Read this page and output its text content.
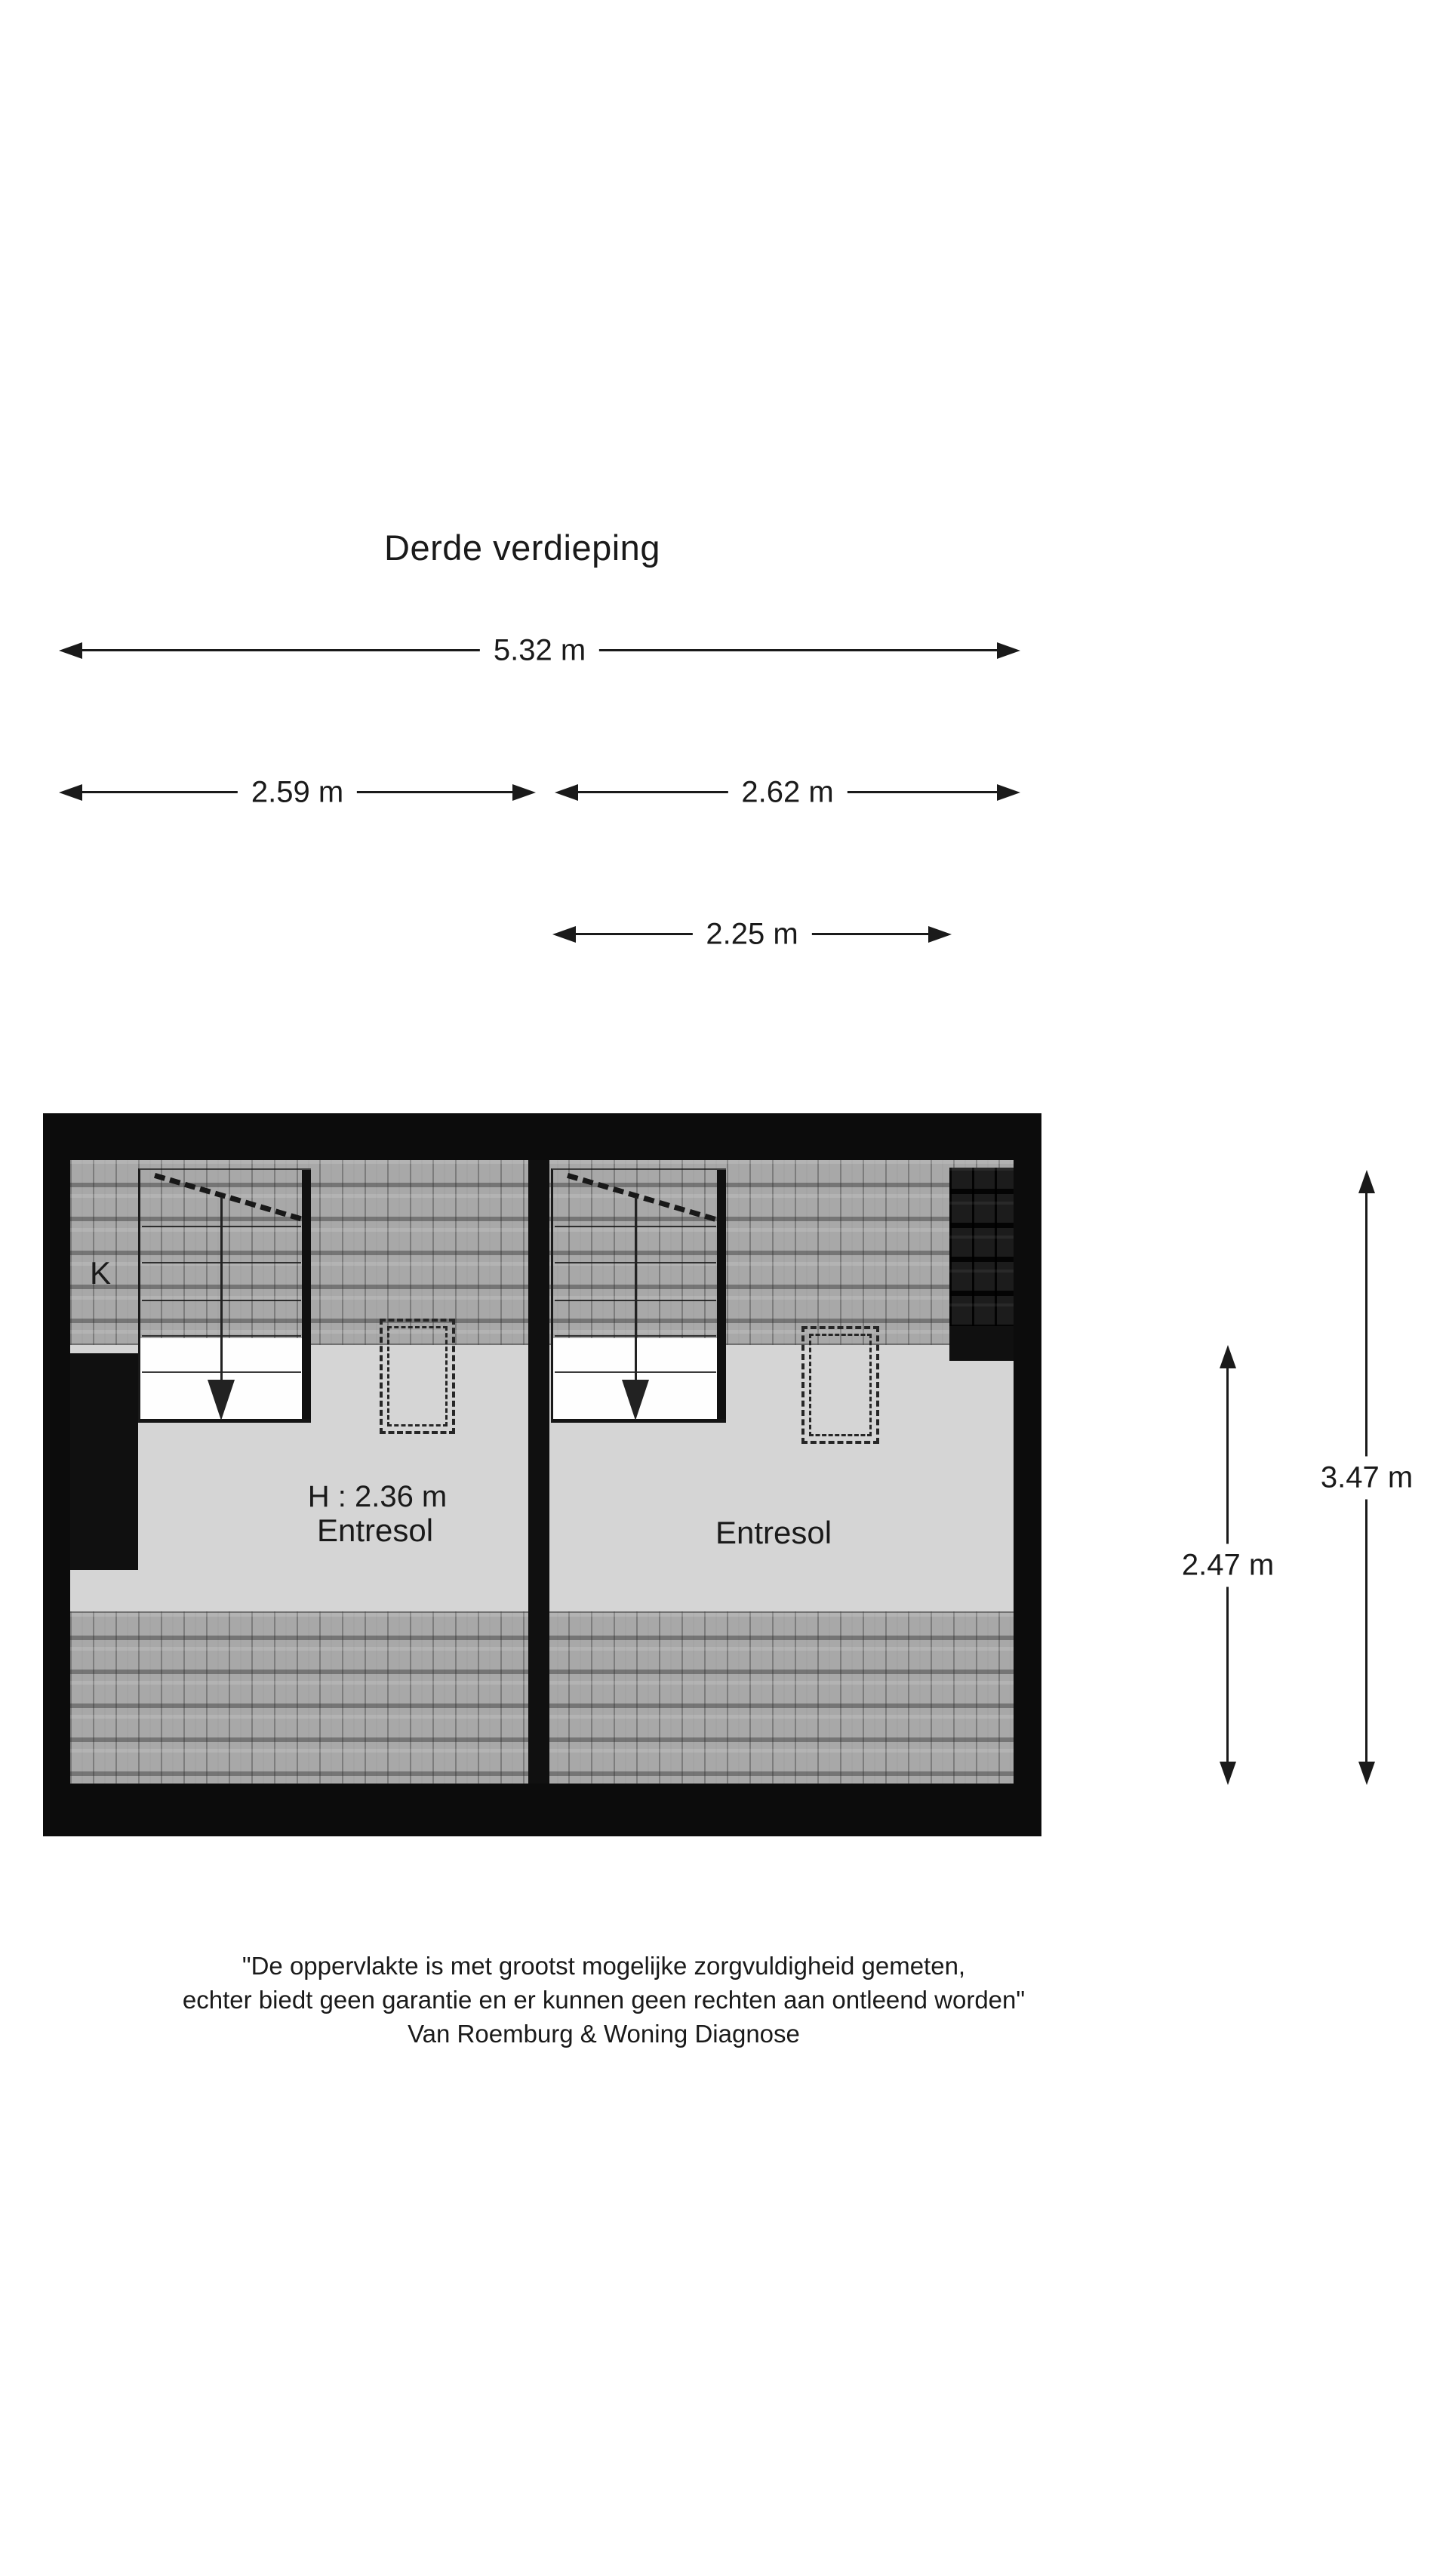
Derde verdieping
5.32 m
2.59 m	2.62 m
2.25 m
K
H : 2.36 m
Entresol	Entresol
3.47 m
2.47 m
"De oppervlakte is met grootst mogelijke zorgvuldigheid gemeten,
echter biedt geen garantie en er kunnen geen rechten aan ontleend worden"
Van Roemburg & Woning Diagnose
